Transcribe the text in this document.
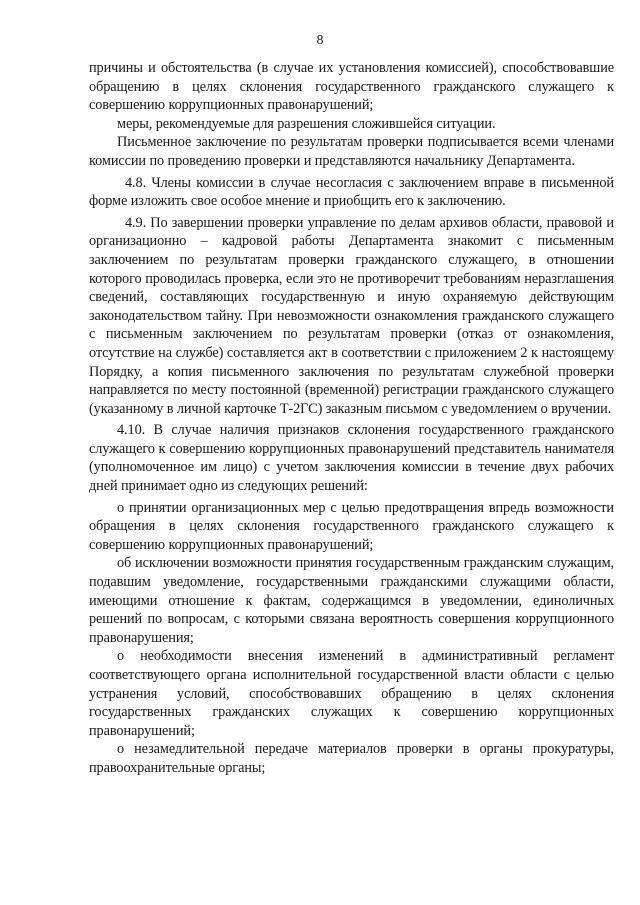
8

причины и обстоятельства (в случае их установления комиссией), способствовавшие обращению в целях склонения государственного гражданского служащего к совершению коррупционных правонарушений;

меры, рекомендуемые для разрешения сложившейся ситуации.

Письменное заключение по результатам проверки подписывается всеми членами комиссии по проведению проверки и представляются начальнику Департамента.

4.8. Члены комиссии в случае несогласия с заключением вправе в письменной форме изложить свое особое мнение и приобщить его к заключению.

4.9. По завершении проверки управление по делам архивов области, правовой и организационно – кадровой работы Департамента знакомит с письменным заключением по результатам проверки гражданского служащего, в отношении которого проводилась проверка, если это не противоречит требованиям неразглашения сведений, составляющих государственную и иную охраняемую действующим законодательством тайну. При невозможности ознакомления гражданского служащего с письменным заключением по результатам проверки (отказ от ознакомления, отсутствие на службе) составляется акт в соответствии с приложением 2 к настоящему Порядку, а копия письменного заключения по результатам служебной проверки направляется по месту постоянной (временной) регистрации гражданского служащего (указанному в личной карточке Т-2ГС) заказным письмом с уведомлением о вручении.

4.10. В случае наличия признаков склонения государственного гражданского служащего к совершению коррупционных правонарушений представитель нанимателя (уполномоченное им лицо) с учетом заключения комиссии в течение двух рабочих дней принимает одно из следующих решений:

о принятии организационных мер с целью предотвращения впредь возможности обращения в целях склонения государственного гражданского служащего к совершению коррупционных правонарушений;

об исключении возможности принятия государственным гражданским служащим, подавшим уведомление, государственными гражданскими служащими области, имеющими отношение к фактам, содержащимся в уведомлении, единоличных решений по вопросам, с которыми связана вероятность совершения коррупционного правонарушения;

о необходимости внесения изменений в административный регламент соответствующего органа исполнительной государственной власти области с целью устранения условий, способствовавших обращению в целях склонения государственных гражданских служащих к совершению коррупционных правонарушений;

о незамедлительной передаче материалов проверки в органы прокуратуры, правоохранительные органы;
